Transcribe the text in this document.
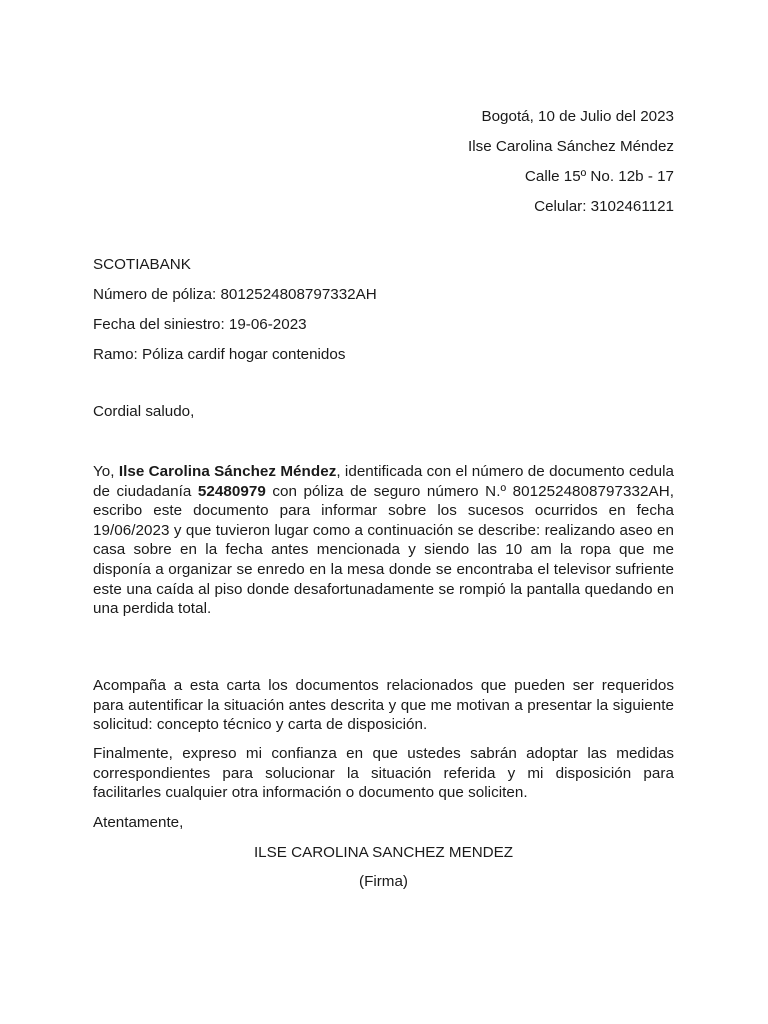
Bogotá, 10 de Julio del 2023
Ilse Carolina Sánchez Méndez
Calle 15º No. 12b - 17
Celular: 3102461121
SCOTIABANK
Número de póliza: 8012524808797332AH
Fecha del siniestro: 19-06-2023
Ramo: Póliza cardif hogar contenidos
Cordial saludo,

Yo, Ilse Carolina Sánchez Méndez, identificada con el número de documento cedula de ciudadanía 52480979 con póliza de seguro número N.º 8012524808797332AH, escribo este documento para informar sobre los sucesos ocurridos en fecha 19/06/2023 y que tuvieron lugar como a continuación se describe: realizando aseo en casa sobre en la fecha antes mencionada y siendo las 10 am la ropa que me disponía a organizar se enredo en la mesa donde se encontraba el televisor sufriente este una caída al piso donde desafortunadamente se rompió la pantalla quedando en una perdida total.

Acompaña a esta carta los documentos relacionados que pueden ser requeridos para autentificar la situación antes descrita y que me motivan a presentar la siguiente solicitud: concepto técnico y carta de disposición.

Finalmente, expreso mi confianza en que ustedes sabrán adoptar las medidas correspondientes para solucionar la situación referida y mi disposición para facilitarles cualquier otra información o documento que soliciten.

Atentamente,
ILSE CAROLINA SANCHEZ MENDEZ
(Firma)
